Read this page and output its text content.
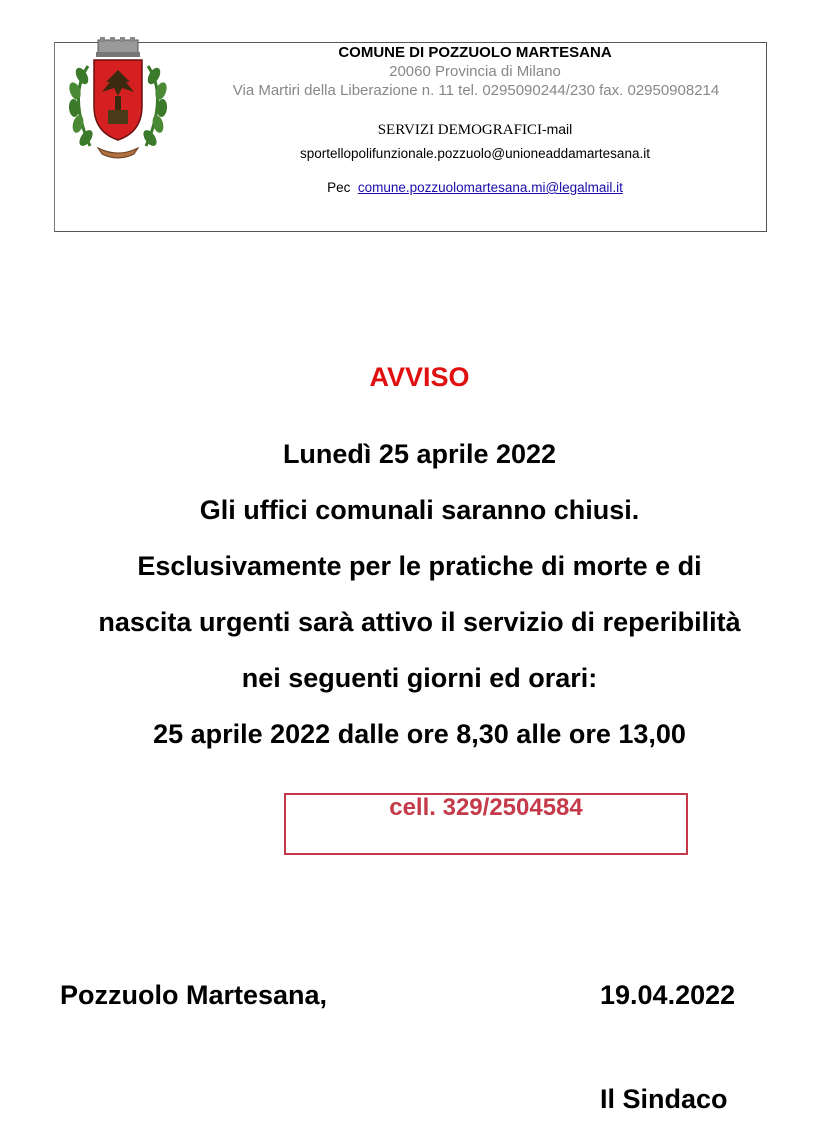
COMUNE DI POZZUOLO MARTESANA
20060 Provincia di Milano
Via Martiri della Liberazione n. 11 tel. 0295090244/230 fax. 02950908214
SERVIZI DEMOGRAFICI-mail
sportellopolifunzionale.pozzuolo@unioneaddamartesana.it
Pec comune.pozzuolomartesana.mi@legalmail.it
AVVISO
Lunedì 25 aprile 2022
Gli uffici comunali saranno chiusi.
Esclusivamente per le pratiche di morte e di
nascita urgenti sarà attivo il servizio di reperibilità
nei seguenti giorni ed orari:
25 aprile 2022 dalle ore 8,30 alle ore 13,00
cell. 329/2504584
Pozzuolo Martesana,	19.04.2022
Il Sindaco
